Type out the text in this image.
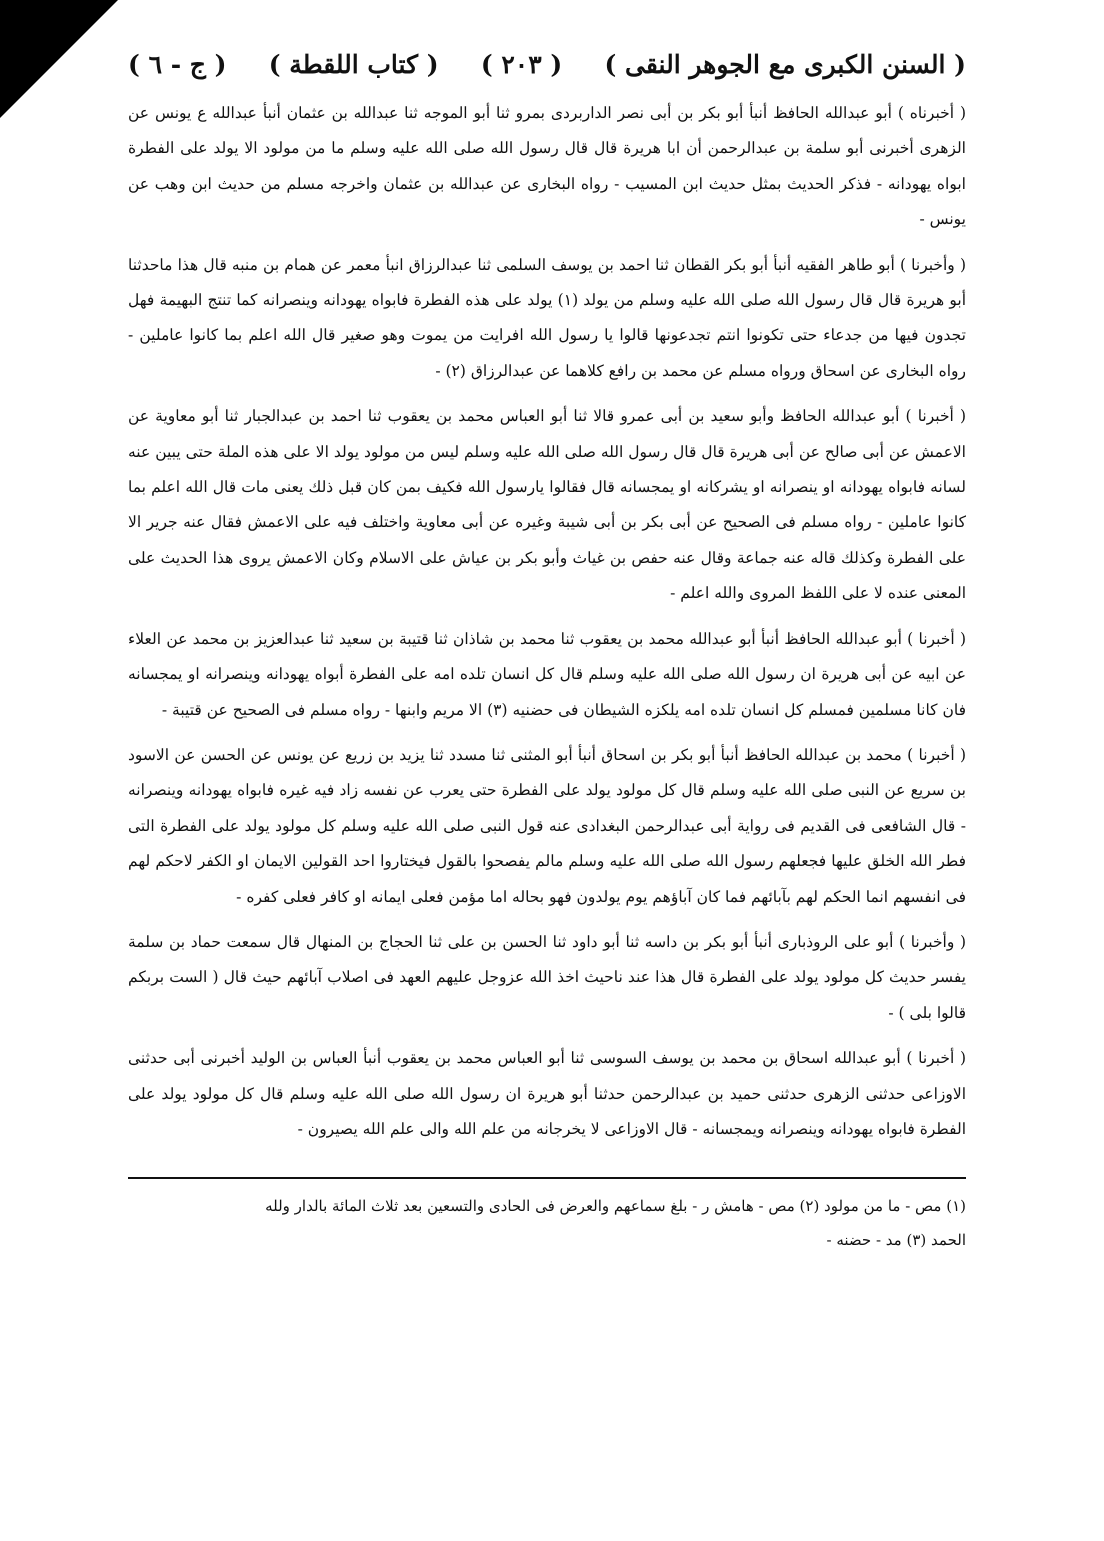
( السنن الكبرى مع الجوهر النقى )
( ٢٠٣ )
( كتاب اللقطة )
( ج - ٦ )

( أخبرناه ) أبو عبدالله الحافظ أنبأ أبو بكر بن أبى نصر الداربردى بمرو ثنا أبو الموجه ثنا عبدالله بن عثمان أنبأ عبدالله ع يونس عن الزهرى أخبرنى أبو سلمة بن عبدالرحمن أن ابا هريرة قال قال رسول الله صلى الله عليه وسلم ما من مولود الا يولد على الفطرة ابواه يهودانه - فذكر الحديث بمثل حديث ابن المسيب - رواه البخارى عن عبدالله بن عثمان واخرجه مسلم من حديث ابن وهب عن يونس -

( وأخبرنا ) أبو طاهر الفقيه أنبأ أبو بكر القطان ثنا احمد بن يوسف السلمى ثنا عبدالرزاق انبأ معمر عن همام بن منبه قال هذا ماحدثنا أبو هريرة قال قال رسول الله صلى الله عليه وسلم من يولد (١) يولد على هذه الفطرة فابواه يهودانه وينصرانه كما تنتج البهيمة فهل تجدون فيها من جدعاء حتى تكونوا انتم تجدعونها قالوا يا رسول الله افرايت من يموت وهو صغير قال الله اعلم بما كانوا عاملين - رواه البخارى عن اسحاق ورواه مسلم عن محمد بن رافع كلاهما عن عبدالرزاق (٢) -

( أخبرنا ) أبو عبدالله الحافظ وأبو سعيد بن أبى عمرو قالا ثنا أبو العباس محمد بن يعقوب ثنا احمد بن عبدالجبار ثنا أبو معاوية عن الاعمش عن أبى صالح عن أبى هريرة قال قال رسول الله صلى الله عليه وسلم ليس من مولود يولد الا على هذه الملة حتى يبين عنه لسانه فابواه يهودانه او ينصرانه او يشركانه او يمجسانه قال فقالوا يارسول الله فكيف بمن كان قبل ذلك يعنى مات قال الله اعلم بما كانوا عاملين - رواه مسلم فى الصحيح عن أبى بكر بن أبى شيبة وغيره عن أبى معاوية واختلف فيه على الاعمش فقال عنه جرير الا على الفطرة وكذلك قاله عنه جماعة وقال عنه حفص بن غياث وأبو بكر بن عياش على الاسلام وكان الاعمش يروى هذا الحديث على المعنى عنده لا على اللفظ المروى والله اعلم -

( أخبرنا ) أبو عبدالله الحافظ أنبأ أبو عبدالله محمد بن يعقوب ثنا محمد بن شاذان ثنا قتيبة بن سعيد ثنا عبدالعزيز بن محمد عن العلاء عن ابيه عن أبى هريرة ان رسول الله صلى الله عليه وسلم قال كل انسان تلده امه على الفطرة أبواه يهودانه وينصرانه او يمجسانه فان كانا مسلمين فمسلم كل انسان تلده امه يلكزه الشيطان فى حضنيه (٣) الا مريم وابنها - رواه مسلم فى الصحيح عن قتيبة -

( أخبرنا ) محمد بن عبدالله الحافظ أنبأ أبو بكر بن اسحاق أنبأ أبو المثنى ثنا مسدد ثنا يزيد بن زريع عن يونس عن الحسن عن الاسود بن سريع عن النبى صلى الله عليه وسلم قال كل مولود يولد على الفطرة حتى يعرب عن نفسه زاد فيه غيره فابواه يهودانه وينصرانه - قال الشافعى فى القديم فى رواية أبى عبدالرحمن البغدادى عنه قول النبى صلى الله عليه وسلم كل مولود يولد على الفطرة التى فطر الله الخلق عليها فجعلهم رسول الله صلى الله عليه وسلم مالم يفصحوا بالقول فيختاروا احد القولين الايمان او الكفر لاحكم لهم فى انفسهم انما الحكم لهم بآبائهم فما كان آباؤهم يوم يولدون فهو بحاله اما مؤمن فعلى ايمانه او كافر فعلى كفره -

( وأخبرنا ) أبو على الروذبارى أنبأ أبو بكر بن داسه ثنا أبو داود ثنا الحسن بن على ثنا الحجاج بن المنهال قال سمعت حماد بن سلمة يفسر حديث كل مولود يولد على الفطرة قال هذا عند ناحيث اخذ الله عزوجل عليهم العهد فى اصلاب آبائهم حيث قال ( الست بربكم قالوا بلى ) -

( أخبرنا ) أبو عبدالله اسحاق بن محمد بن يوسف السوسى ثنا أبو العباس محمد بن يعقوب أنبأ العباس بن الوليد أخبرنى أبى حدثنى الاوزاعى حدثنى الزهرى حدثنى حميد بن عبدالرحمن حدثنا أبو هريرة ان رسول الله صلى الله عليه وسلم قال كل مولود يولد على الفطرة فابواه يهودانه وينصرانه ويمجسانه - قال الاوزاعى لا يخرجانه من علم الله والى علم الله يصيرون -

(١) مص - ما من مولود (٢) مص - هامش ر - بلغ سماعهم والعرض فى الحادى والتسعين بعد ثلاث المائة بالدار ولله

الحمد (٣) مد - حضنه -
